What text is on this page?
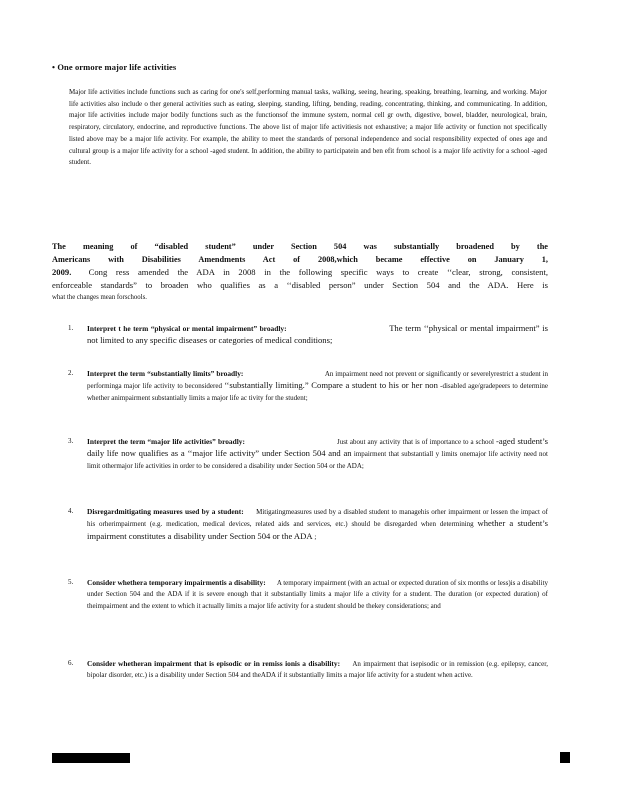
• One ormore major life activities

Major life activities include functions such as caring for one's self,performing manual tasks, walking, seeing, hearing, speaking, breathing, learning, and working. Major life activities also include o ther general activities such as eating, sleeping, standing, lifting, bending, reading, concentrating, thinking, and communicating. In addition, major life activities include major bodily functions such as the functionsof the immune system, normal cell gr owth, digestive, bowel, bladder, neurological, brain, respiratory, circulatory, endocrine, and reproductive functions. The above list of major life activitiesis not exhaustive; a major life activity or function not specifically listed above may be a major life activity. For example, the ability to meet the standards of personal independence and social responsibility expected of ones age and cultural group is a major life activity for a school -aged student. In addition, the ability to participatein and ben efit from school is a major life activity for a school -aged student.

The meaning of “disabled student” under Section 504 was substantially broadened by the
Americans with Disabilities Amendments Act of 2008,which became effective on January 1,
2009. Cong ress amended the ADA in 2008 in the following specific ways to create ‘‘clear, strong, consistent,
enforceable standards” to broaden who qualifies as a ‘‘disabled person” under Section 504 and the ADA. Here is
what the changes mean forschools.
1.	Interpret t he term “physical or mental impairment” broadly:	The term ‘‘physical or mental impairment” is not limited to any specific diseases or categories of medical conditions;
2.	Interpret the term “substantially limits” broadly:	An impairment need not prevent or significantly or severelyrestrict a student in performinga major life activity to beconsidered ‘‘substantially limiting.” Compare a student to his or her non -disabled age/gradepeers to determine whether animpairment substantially limits a major life ac tivity for the student;
3.	Interpret the term “major life activities” broadly:	Just about any activity that is of importance to a school -aged student’s daily life now qualifies as a ‘‘major life activity” under Section 504 and an impairment that substantiall y limits onemajor life activity need not limit othermajor life activities in order to be considered a disability under Section 504 or the ADA;
4.	Disregardmitigating measures used by a student: Mitigatingmeasures used by a disabled student to managehis orher impairment or lessen the impact of his orherimpairment (e.g. medication, medical devices, related aids and services, etc.) should be disregarded when determining whether a student’s impairment constitutes a disability under Section 504 or the ADA ;
5.	Consider whethera temporary impairmentis a disability: A temporary impairment (with an actual or expected duration of six months or less)is a disability under Section 504 and the ADA if it is severe enough that it substantially limits a major life a ctivity for a student. The duration (or expected duration) of theimpairment and the extent to which it actually limits a major life activity for a student should be thekey considerations; and
6.	Consider whetheran impairment that is episodic or in remiss ionis a disability: An impairment that isepisodic or in remission (e.g. epilepsy, cancer, bipolar disorder, etc.) is a disability under Section 504 and theADA if it substantially limits a major life activity for a student when active.
